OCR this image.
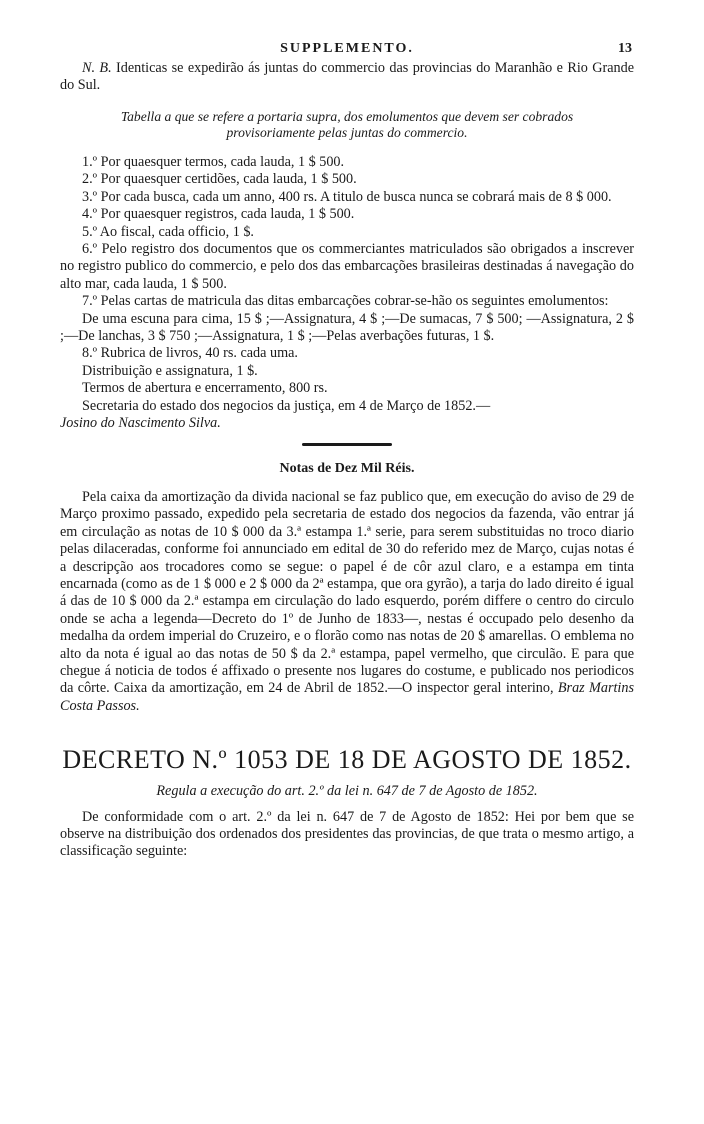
SUPPLEMENTO.	13

N. B. Identicas se expedirão ás juntas do commercio das provincias do Maranhão e Rio Grande do Sul.

Tabella a que se refere a portaria supra, dos emolumentos que devem ser cobrados
provisoriamente pelas juntas do commercio.

1.º Por quaesquer termos, cada lauda, 1 $ 500.

2.º Por quaesquer certidões, cada lauda, 1 $ 500.

3.º Por cada busca, cada um anno, 400 rs. A titulo de busca nunca se cobrará mais de 8 $ 000.

4.º Por quaesquer registros, cada lauda, 1 $ 500.

5.º Ao fiscal, cada officio, 1 $.

6.º Pelo registro dos documentos que os commerciantes matriculados são obrigados a inscrever no registro publico do commercio, e pelo dos das embarcações brasileiras destinadas á navegação do alto mar, cada lauda, 1 $ 500.

7.º Pelas cartas de matricula das ditas embarcações cobrar-se-hão os seguintes emolumentos:

De uma escuna para cima, 15 $ ;—Assignatura, 4 $ ;—De sumacas, 7 $ 500; —Assignatura, 2 $ ;—De lanchas, 3 $ 750 ;—Assignatura, 1 $ ;—Pelas averbações futuras, 1 $.

8.º Rubrica de livros, 40 rs. cada uma.

Distribuição e assignatura, 1 $.

Termos de abertura e encerramento, 800 rs.

Secretaria do estado dos negocios da justiça, em 4 de Março de 1852.—

Josino do Nascimento Silva.

Notas de Dez Mil Réis.

Pela caixa da amortização da divida nacional se faz publico que, em execução do aviso de 29 de Março proximo passado, expedido pela secretaria de estado dos negocios da fazenda, vão entrar já em circulação as notas de 10 $ 000 da 3.ª estampa 1.ª serie, para serem substituidas no troco diario pelas dilaceradas, conforme foi annunciado em edital de 30 do referido mez de Março, cujas notas é a descripção aos trocadores como se segue: o papel é de côr azul claro, e a estampa em tinta encarnada (como as de 1 $ 000 e 2 $ 000 da 2ª estampa, que ora gyrão), a tarja do lado direito é igual á das de 10 $ 000 da 2.ª estampa em circulação do lado esquerdo, porém differe o centro do circulo onde se acha a legenda—Decreto do 1º de Junho de 1833—, nestas é occupado pelo desenho da medalha da ordem imperial do Cruzeiro, e o florão como nas notas de 20 $ amarellas. O emblema no alto da nota é igual ao das notas de 50 $ da 2.ª estampa, papel vermelho, que circulão. E para que chegue á noticia de todos é affixado o presente nos lugares do costume, e publicado nos periodicos da côrte. Caixa da amortização, em 24 de Abril de 1852.—O inspector geral interino, Braz Martins Costa Passos.

DECRETO N.º 1053 DE 18 DE AGOSTO DE 1852.
Regula a execução do art. 2.º da lei n. 647 de 7 de Agosto de 1852.

De conformidade com o art. 2.º da lei n. 647 de 7 de Agosto de 1852: Hei por bem que se observe na distribuição dos ordenados dos presidentes das provincias, de que trata o mesmo artigo, a classificação seguinte:
